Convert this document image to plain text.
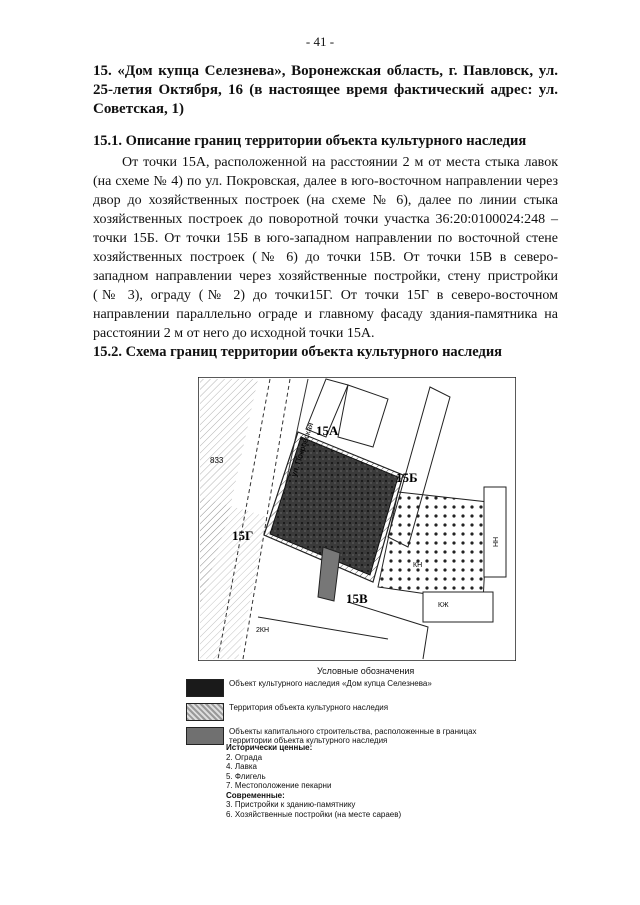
- 41 -
15. «Дом купца Селезнева», Воронежская область, г. Павловск, ул. 25-летия Октября, 16 (в настоящее время фактический адрес: ул. Советская, 1)
15.1. Описание границ территории объекта культурного наследия
От точки 15А, расположенной на расстоянии 2 м от места стыка лавок (на схеме № 4) по ул. Покровская, далее в юго-восточном направлении через двор до хозяйственных построек (на схеме № 6), далее по линии стыка хозяйственных построек до поворотной точки участка 36:20:0100024:248 – точки 15Б. От точки 15Б в юго-западном направлении по восточной стене хозяйственных построек (№ 6) до точки 15В. От точки 15В в северо-западном направлении через хозяйственные постройки, стену пристройки (№ 3), ограду (№ 2) до точки15Г. От точки 15Г в северо-восточном направлении параллельно ограде и главному фасаду здания-памятника на расстоянии 2 м от него до исходной точки 15А.
15.2. Схема границ территории объекта культурного наследия
15А
15Б
15В
15Г
ул. Покровская
833
КН
КЖ
2КН
НН
Условные обозначения
Объект культурного наследия «Дом купца Селезнева»
Территория объекта культурного наследия
Объекты капитального строительства, расположенные в границах территории объекта культурного наследия
Исторически ценные:
2. Ограда
4. Лавка
5. Флигель
7. Местоположение пекарни
Современные:
3. Пристройки к зданию-памятнику
6. Хозяйственные постройки (на месте сараев)
